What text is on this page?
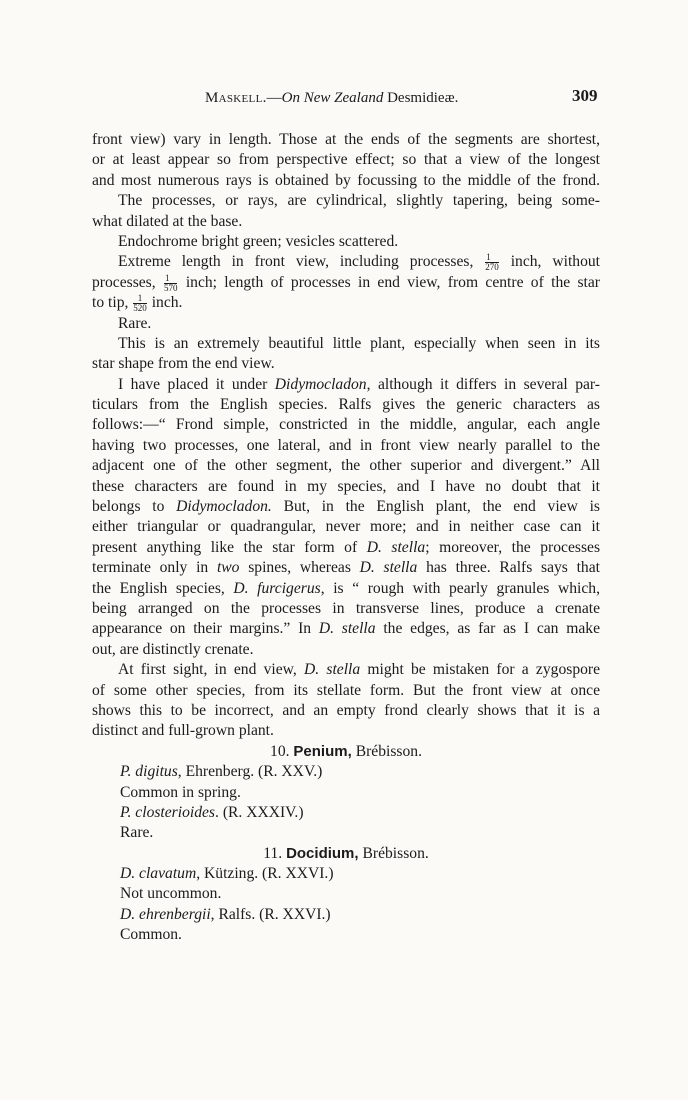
Maskell.—On New Zealand Desmidieæ.	309
front view) vary in length. Those at the ends of the segments are shortest,
or at least appear so from perspective effect; so that a view of the longest
and most numerous rays is obtained by focussing to the middle of the frond.
The processes, or rays, are cylindrical, slightly tapering, being some-
what dilated at the base.
Endochrome bright green; vesicles scattered.
Extreme length in front view, including processes, $\frac{1}{270}$ inch, without
processes, $\frac{1}{570}$ inch; length of processes in end view, from centre of the star
to tip, $\frac{1}{520}$ inch.
Rare.
This is an extremely beautiful little plant, especially when seen in its
star shape from the end view.
I have placed it under Didymocladon, although it differs in several par-
ticulars from the English species. Ralfs gives the generic characters as
follows:—“ Frond simple, constricted in the middle, angular, each angle
having two processes, one lateral, and in front view nearly parallel to the
adjacent one of the other segment, the other superior and divergent.” All
these characters are found in my species, and I have no doubt that it
belongs to Didymocladon. But, in the English plant, the end view is
either triangular or quadrangular, never more; and in neither case can it
present anything like the star form of D. stella; moreover, the processes
terminate only in two spines, whereas D. stella has three. Ralfs says that
the English species, D. furcigerus, is “ rough with pearly granules which,
being arranged on the processes in transverse lines, produce a crenate
appearance on their margins.” In D. stella the edges, as far as I can make
out, are distinctly crenate.
At first sight, in end view, D. stella might be mistaken for a zygospore
of some other species, from its stellate form. But the front view at once
shows this to be incorrect, and an empty frond clearly shows that it is a
distinct and full-grown plant.
10. Penium, Brébisson.
P. digitus, Ehrenberg. (R. XXV.)
Common in spring.
P. closterioides. (R. XXXIV.)
Rare.
11. Docidium, Brébisson.
D. clavatum, Kützing. (R. XXVI.)
Not uncommon.
D. ehrenbergii, Ralfs. (R. XXVI.)
Common.
